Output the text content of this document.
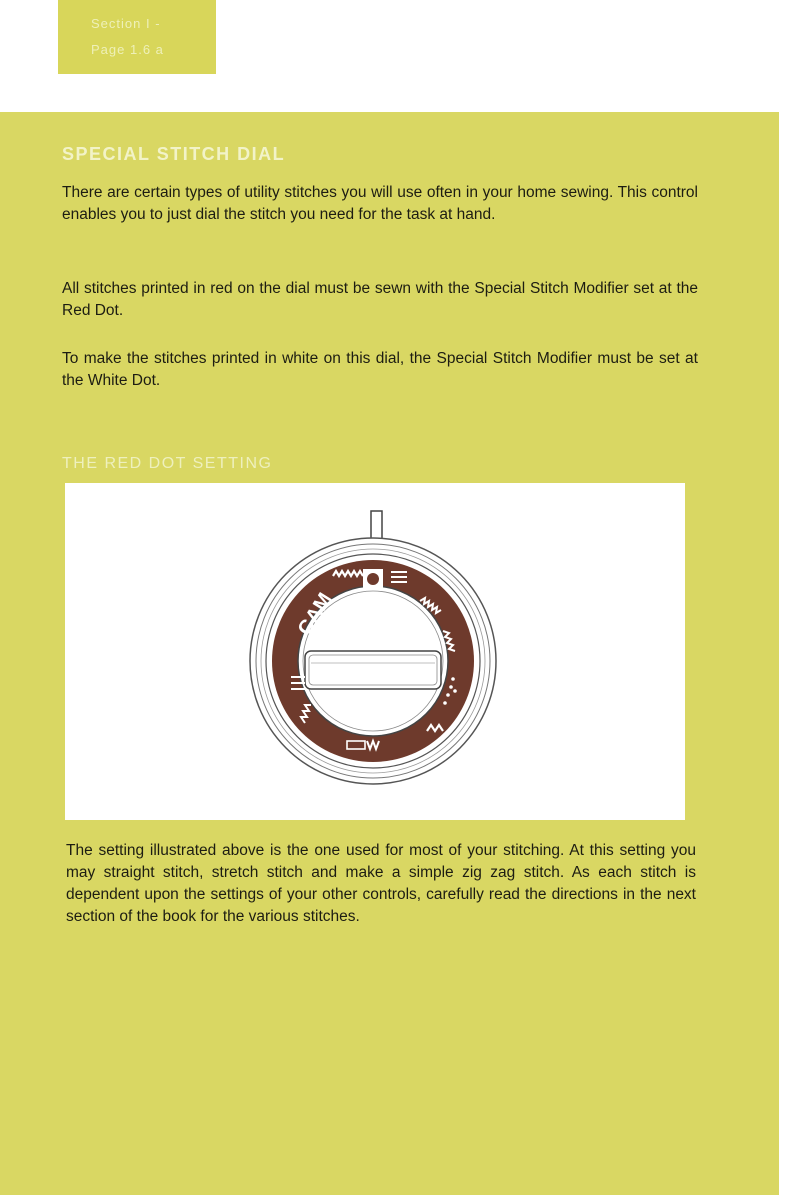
Section I -
Page 1.6 a
SPECIAL STITCH DIAL
There are certain types of utility stitches you will use often in your home sewing. This control enables you to just dial the stitch you need for the task at hand.
All stitches printed in red on the dial must be sewn with the Special Stitch Modifier set at the Red Dot.
To make the stitches printed in white on this dial, the Special Stitch Modifier must be set at the White Dot.
THE RED DOT SETTING
CAM
The setting illustrated above is the one used for most of your stitching. At this setting you may straight stitch, stretch stitch and make a simple zig zag stitch. As each stitch is dependent upon the settings of your other controls, carefully read the directions in the next section of the book for the various stitches.
